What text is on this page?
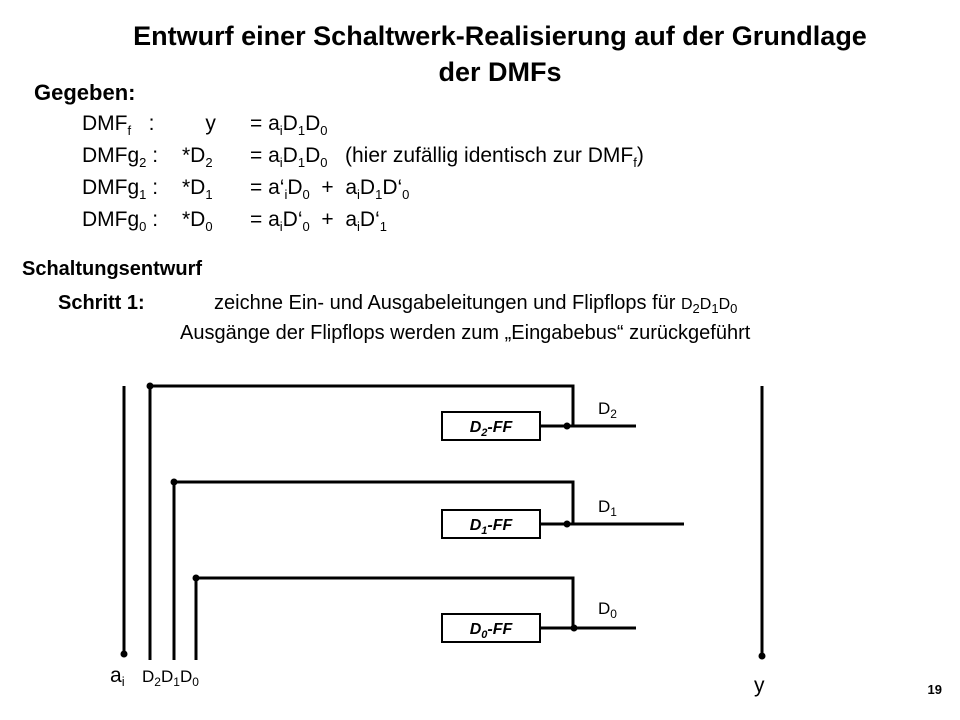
Entwurf einer Schaltwerk-Realisierung auf der Grundlage
der DMFs
Gegeben:
$DMF_f$   :    $y = a_iD_1D_0$
DMFg$_2$ : $*D_2 = a_iD_1D_0$   (hier zufällig identisch zur $DMF_f$)
DMFg$_1$ : $*D_1$ = $a‘_iD_0$  +  $a_iD_1D‘_0$
DMFg$_0$ : $*D_0$ = $a_iD‘_0$  +  $a_iD‘_1$
Schaltungsentwurf
Schritt 1:	zeichne Ein- und Ausgabeleitungen und Flipflops für $D_2D_1D_0$
Ausgänge der Flipflops werden zum „Eingabebus“ zurückgeführt
$D_2-FF$
$D_1-FF$
$D_0-FF$
$D_2$
$D_1$
$D_0$
ai $D_2D_1D_0$	y	19
